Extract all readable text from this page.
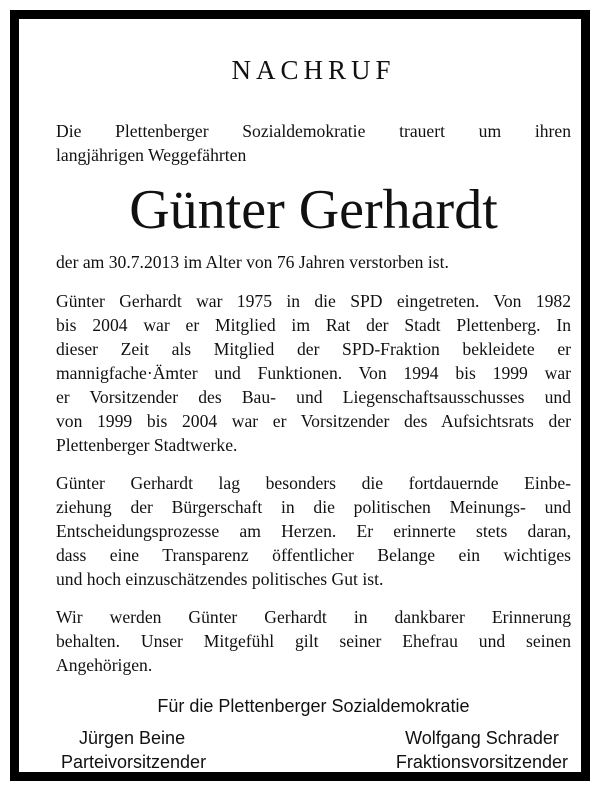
NACHRUF
Die Plettenberger Sozialdemokratie trauert um ihren
langjährigen Weggefährten
Günter Gerhardt
der am 30.7.2013 im Alter von 76 Jahren verstorben ist.
Günter Gerhardt war 1975 in die SPD eingetreten. Von 1982
bis 2004 war er Mitglied im Rat der Stadt Plettenberg. In
dieser Zeit als Mitglied der SPD-Fraktion bekleidete er
mannigfache·Ämter und Funktionen. Von 1994 bis 1999 war
er Vorsitzender des Bau- und Liegenschaftsausschusses und
von 1999 bis 2004 war er Vorsitzender des Aufsichtsrats der
Plettenberger Stadtwerke.
Günter Gerhardt lag besonders die fortdauernde Einbe-
ziehung der Bürgerschaft in die politischen Meinungs- und
Entscheidungsprozesse am Herzen. Er erinnerte stets daran,
dass eine Transparenz öffentlicher Belange ein wichtiges
und hoch einzuschätzendes politisches Gut ist.
Wir werden Günter Gerhardt in dankbarer Erinnerung
behalten. Unser Mitgefühl gilt seiner Ehefrau und seinen
Angehörigen.
Für die Plettenberger Sozialdemokratie
Jürgen Beine
Parteivorsitzender
Wolfgang Schrader
Fraktionsvorsitzender
